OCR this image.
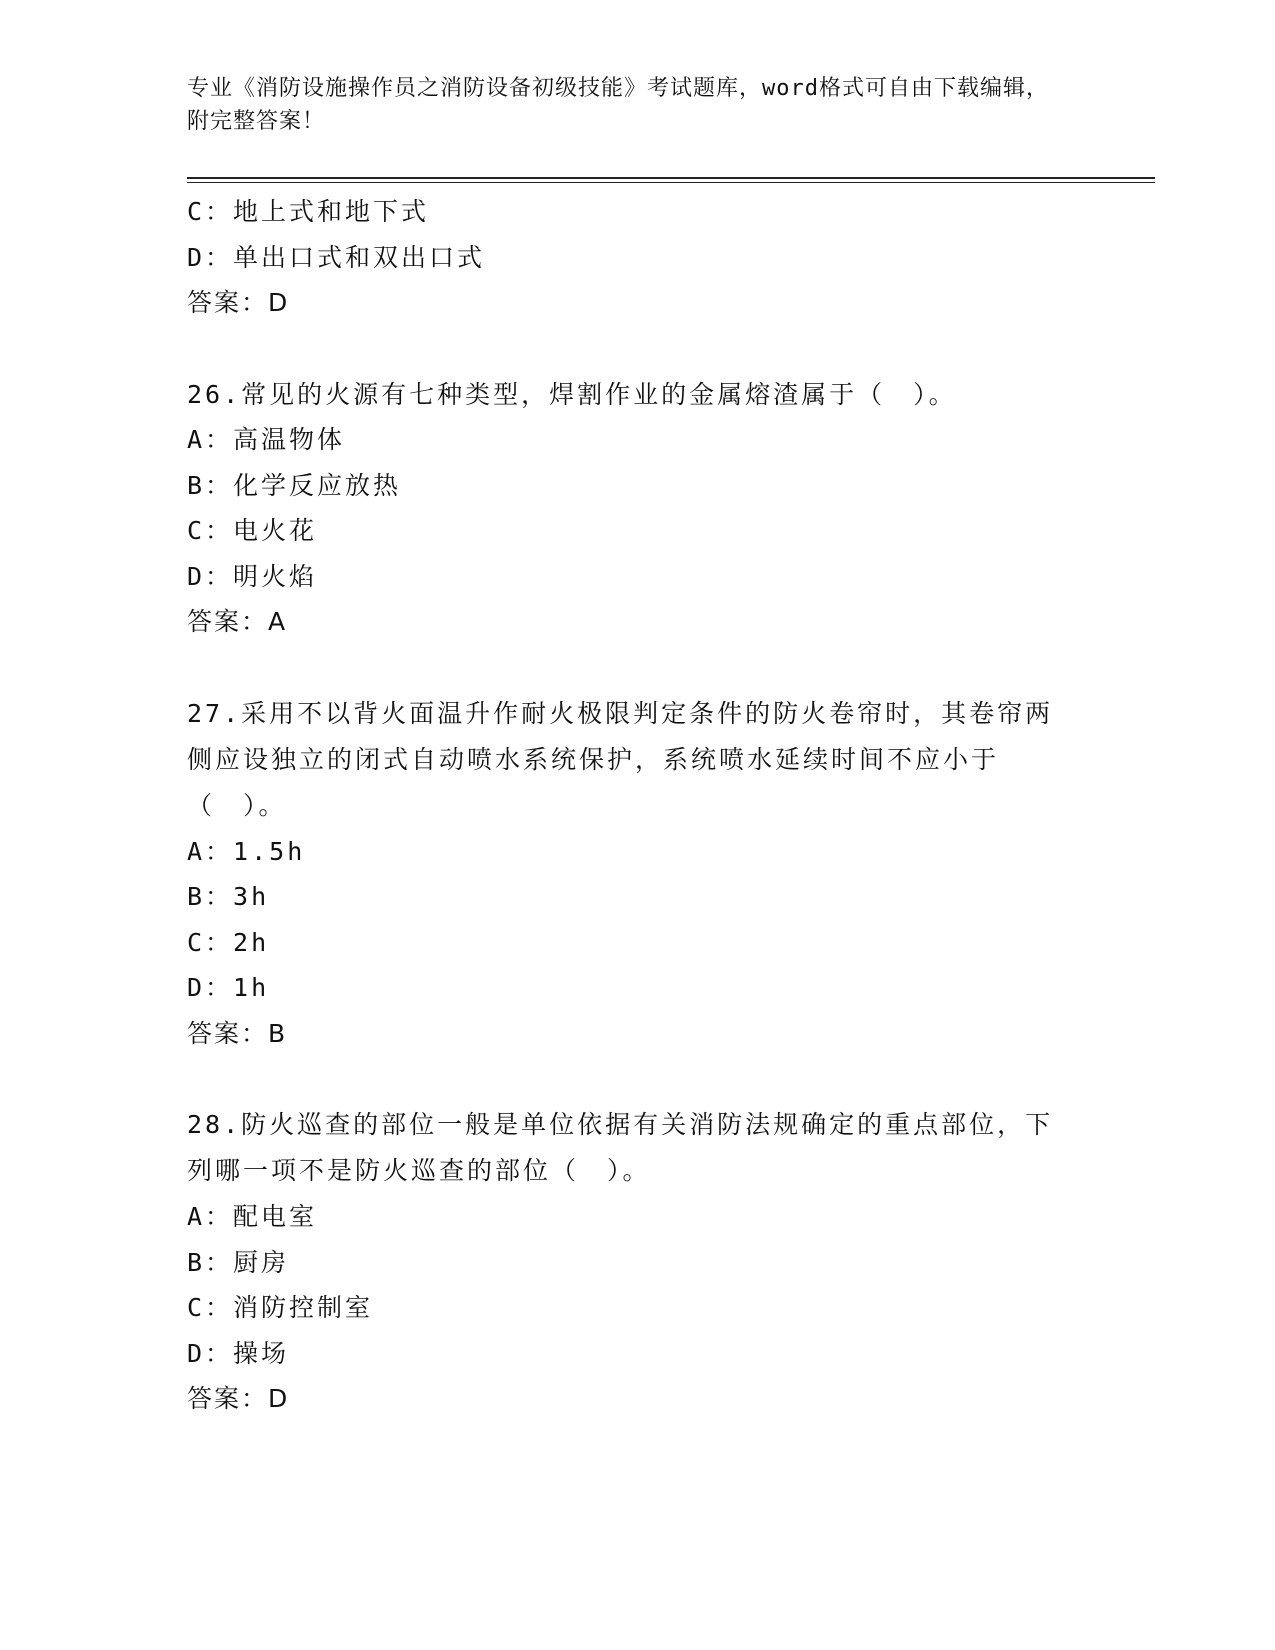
专业《消防设施操作员之消防设备初级技能》考试题库，word格式可自由下载编辑，附完整答案！
C：地上式和地下式
D：单出口式和双出口式
答案：D
26.常见的火源有七种类型，焊割作业的金属熔渣属于（　）。
A：高温物体
B：化学反应放热
C：电火花
D：明火焰
答案：A
27.采用不以背火面温升作耐火极限判定条件的防火卷帘时，其卷帘两侧应设独立的闭式自动喷水系统保护，系统喷水延续时间不应小于（　）。
A：1.5h
B：3h
C：2h
D：1h
答案：B
28.防火巡查的部位一般是单位依据有关消防法规确定的重点部位，下列哪一项不是防火巡查的部位（　）。
A：配电室
B：厨房
C：消防控制室
D：操场
答案：D
